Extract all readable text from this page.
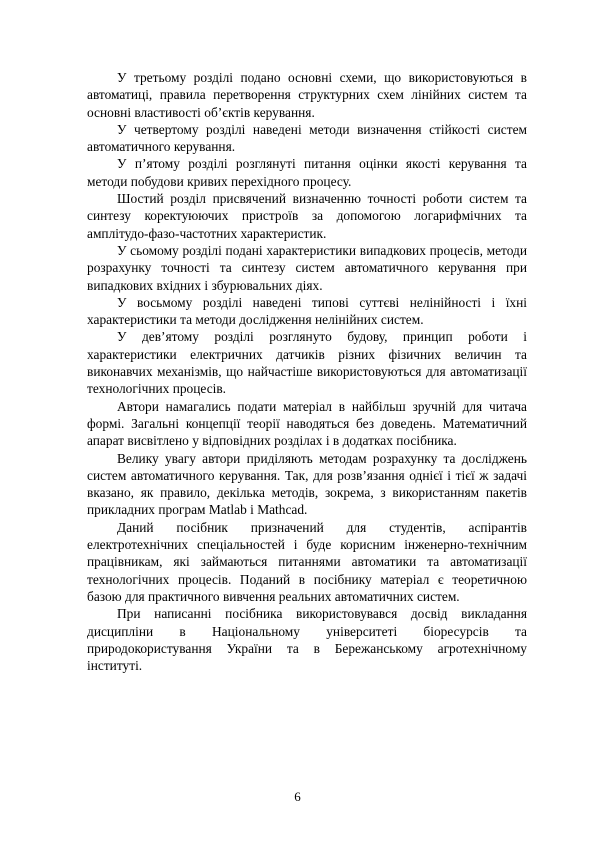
У третьому розділі подано основні схеми, що використовуються в автоматиці, правила перетворення структурних схем лінійних систем та основні властивості об’єктів керування.

У четвертому розділі наведені методи визначення стійкості систем автоматичного керування.

У п’ятому розділі розглянуті питання оцінки якості керування та методи побудови кривих перехідного процесу.

Шостий розділ присвячений визначенню точності роботи систем та синтезу коректуюючих пристроїв за допомогою логарифмічних та амплітудо-фазо-частотних характеристик.

У сьомому розділі подані характеристики випадкових процесів, методи розрахунку точності та синтезу систем автоматичного керування при випадкових вхідних і збурювальних діях.

У восьмому розділі наведені типові суттєві нелінійності і їхні характеристики та методи дослідження нелінійних систем.

У дев’ятому розділі розглянуто будову, принцип роботи і характеристики електричних датчиків різних фізичних величин та виконавчих механізмів, що найчастіше використовуються для автоматизації технологічних процесів.

Автори намагались подати матеріал в найбільш зручній для читача формі. Загальні концепції теорії наводяться без доведень. Математичний апарат висвітлено у відповідних розділах і в додатках посібника.

Велику увагу автори приділяють методам розрахунку та досліджень систем автоматичного керування. Так, для розв’язання однієї і тієї ж задачі вказано, як правило, декілька методів, зокрема, з використанням пакетів прикладних програм Matlab і Mathcad.

Даний посібник призначений для студентів, аспірантів електротехнічних спеціальностей і буде корисним інженерно-технічним працівникам, які займаються питаннями автоматики та автоматизації технологічних процесів. Поданий в посібнику матеріал є теоретичною базою для практичного вивчення реальних автоматичних систем.

При написанні посібника використовувався досвід викладання дисципліни в Національному університеті біоресурсів та природокористування України та в Бережанському агротехнічному інституті.

6
